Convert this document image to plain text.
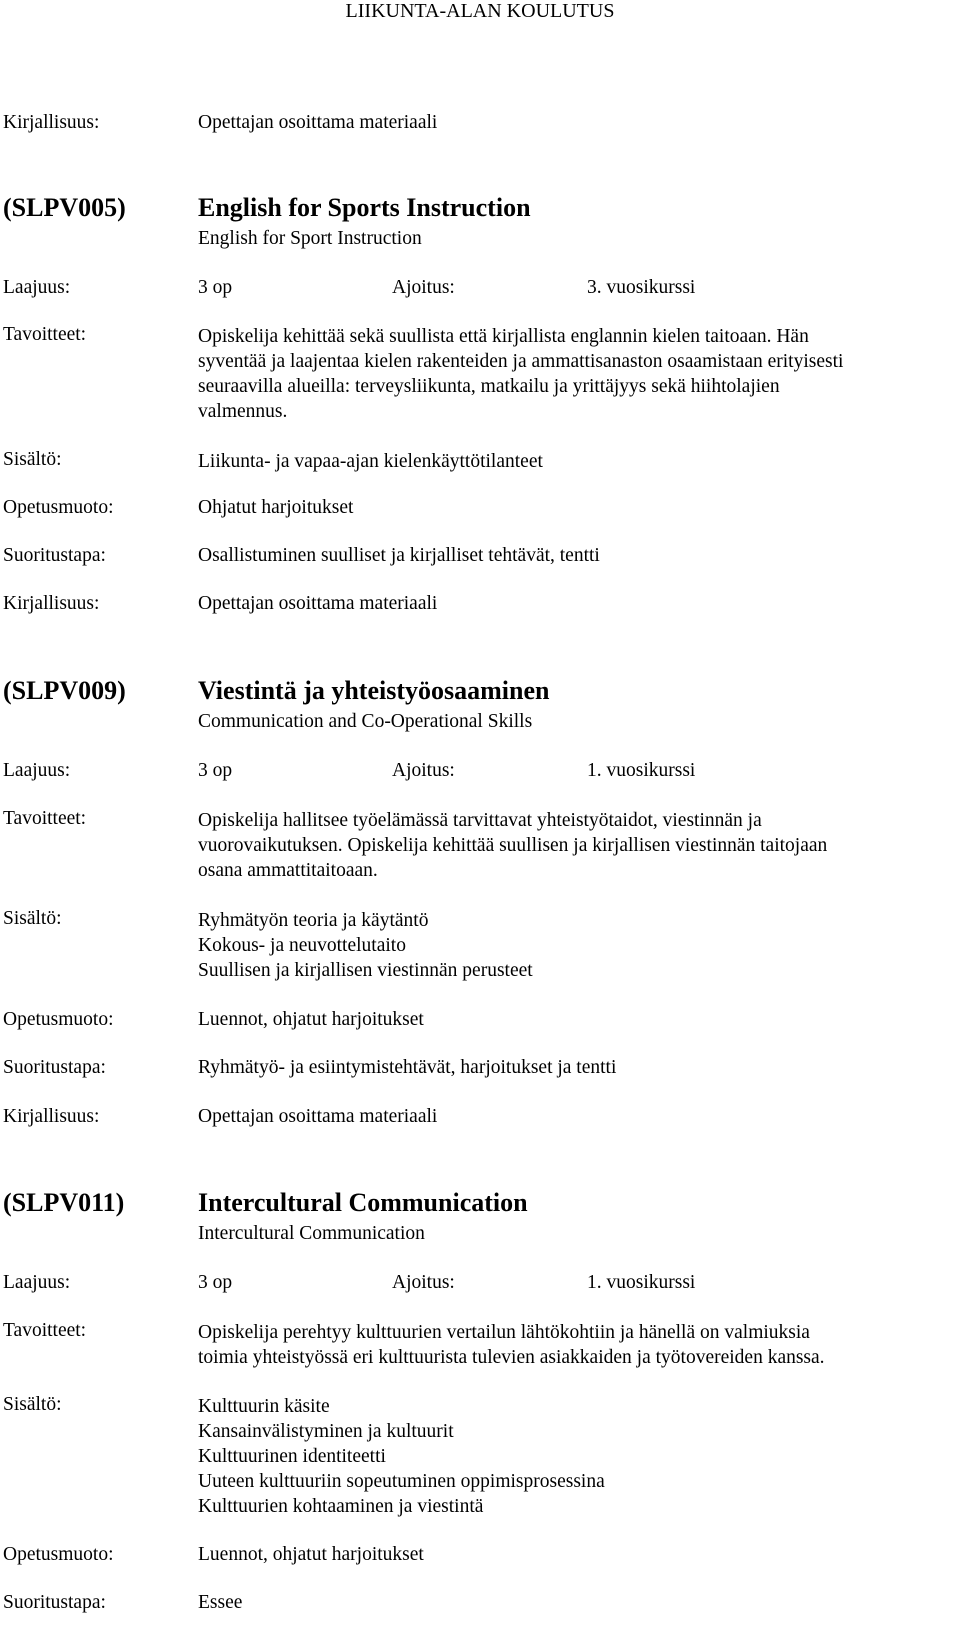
LIIKUNTA-ALAN KOULUTUS
Kirjallisuus:	Opettajan osoittama materiaali
(SLPV005)	English for Sports Instruction
English for Sport Instruction
Laajuus:	3 op	Ajoitus:	3. vuosikurssi
Tavoitteet:	Opiskelija kehittää sekä suullista että kirjallista englannin kielen taitoaan. Hän
syventää ja laajentaa kielen rakenteiden ja ammattisanaston osaamistaan erityisesti
seuraavilla alueilla: terveysliikunta, matkailu ja yrittäjyys sekä hiihtolajien
valmennus.
Sisältö:	Liikunta- ja vapaa-ajan kielenkäyttötilanteet
Opetusmuoto:	Ohjatut harjoitukset
Suoritustapa:	Osallistuminen suulliset ja kirjalliset tehtävät, tentti
Kirjallisuus:	Opettajan osoittama materiaali
(SLPV009)	Viestintä ja yhteistyöosaaminen
Communication and Co-Operational Skills
Laajuus:	3 op	Ajoitus:	1. vuosikurssi
Tavoitteet:	Opiskelija hallitsee työelämässä tarvittavat yhteistyötaidot, viestinnän ja
vuorovaikutuksen. Opiskelija kehittää suullisen ja kirjallisen viestinnän taitojaan
osana ammattitaitoaan.
Sisältö:	Ryhmätyön teoria ja käytäntö
Kokous- ja neuvottelutaito
Suullisen ja kirjallisen viestinnän perusteet
Opetusmuoto:	Luennot, ohjatut harjoitukset
Suoritustapa:	Ryhmätyö- ja esiintymistehtävät, harjoitukset ja tentti
Kirjallisuus:	Opettajan osoittama materiaali
(SLPV011)	Intercultural Communication
Intercultural Communication
Laajuus:	3 op	Ajoitus:	1. vuosikurssi
Tavoitteet:	Opiskelija perehtyy kulttuurien vertailun lähtökohtiin ja hänellä on valmiuksia
toimia yhteistyössä eri kulttuurista tulevien asiakkaiden ja työtovereiden kanssa.
Sisältö:	Kulttuurin käsite
Kansainvälistyminen ja kultuurit
Kulttuurinen identiteetti
Uuteen kulttuuriin sopeutuminen oppimisprosessina
Kulttuurien kohtaaminen ja viestintä
Opetusmuoto:	Luennot, ohjatut harjoitukset
Suoritustapa:	Essee
